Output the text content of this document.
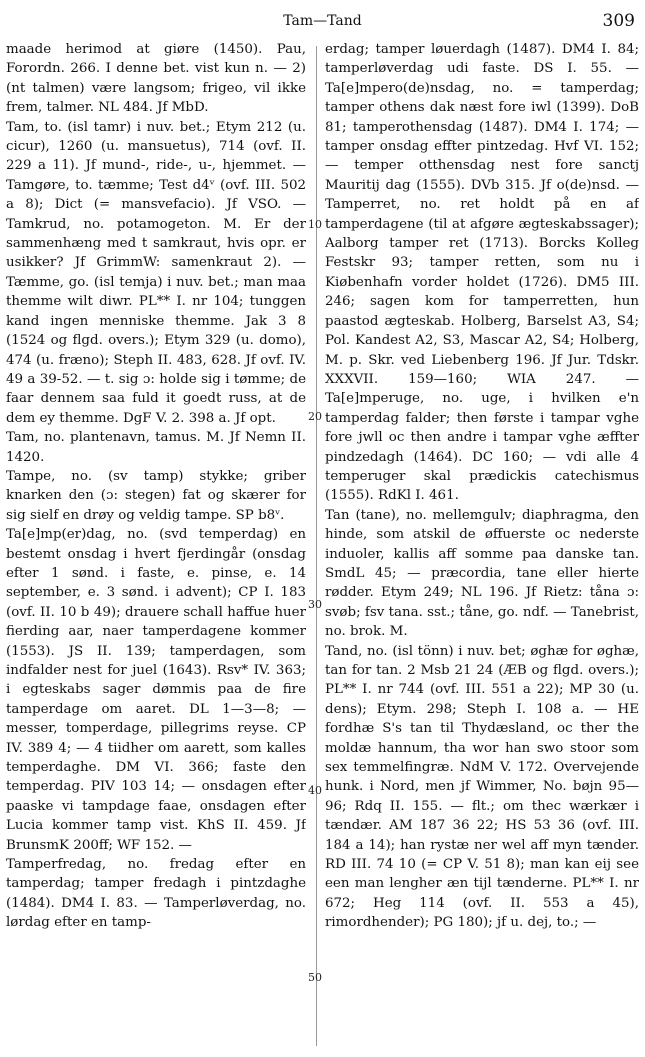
Tam—Tand	309

maade herimod at giøre (1450). Pau, Forordn. 266. I denne bet. vist kun n. — 2) (nt talmen) være langsom; frigeo, vil ikke frem, talmer. NL 484. Jf MbD.

Tam, to. (isl tamr) i nuv. bet.; Etym 212 (u. cicur), 1260 (u. mansuetus), 714 (ovf. II. 229 a 11). Jf mund-, ride-, u-, hjemmet. — Tamgøre, to. tæmme; Test d4ᵛ (ovf. III. 502 a 8); Dict (= mansvefacio). Jf VSO. — Tamkrud, no. potamogeton. M. Er der sammenhæng med t samkraut, hvis opr. er usikker? Jf GrimmW: samenkraut 2). — Tæmme, go. (isl temja) i nuv. bet.; man maa themme wilt diwr. PL** I. nr 104; tunggen kand ingen menniske themme. Jak 3 8 (1524 og flgd. overs.); Etym 329 (u. domo), 474 (u. fræno); Steph II. 483, 628. Jf ovf. IV. 49 a 39-52. — t. sig ɔ: holde sig i tømme; de faar dennem saa fuld it goedt russ, at de dem ey themme. DgF V. 2. 398 a. Jf opt.

Tam, no. plantenavn, tamus. M. Jf Nemn II. 1420.

Tampe, no. (sv tamp) stykke; griber knarken den (ɔ: stegen) fat og skærer for sig sielf en drøy og veldig tampe. SP b8ᵛ.

Ta[e]mp(er)dag, no. (svd temperdag) en bestemt onsdag i hvert fjerdingår (onsdag efter 1 sønd. i faste, e. pinse, e. 14 september, e. 3 sønd. i advent); CP I. 183 (ovf. II. 10 b 49); drauere schall haffue huer fierding aar, naer tamperdagene kommer (1553). JS II. 139; tamperdagen, som indfalder nest for juel (1643). Rsv* IV. 363; i egteskabs sager dømmis paa de fire tamperdage om aaret. DL 1—3—8; — messer, tomperdage, pillegrims reyse. CP IV. 389 4; — 4 tiidher om aarett, som kalles temperdaghe. DM VI. 366; faste den temperdag. PIV 103 14; — onsdagen efter paaske vi tampdage faae, onsdagen efter Lucia kommer tamp vist. KhS II. 459. Jf BrunsmK 200ff; WF 152. —

Tamperfredag, no. fredag efter en tamperdag; tamper fredagh i pintzdaghe (1484). DM4 I. 83. — Tamperløverdag, no. lørdag efter en tamp-

10
20
30
40
50

erdag; tamper løuerdagh (1487). DM4 I. 84; tamperløverdag udi faste. DS I. 55. — Ta[e]mpero(de)nsdag, no. = tamperdag; tamper othens dak næst fore iwl (1399). DoB 81; tamperothensdag (1487). DM4 I. 174; — tamper onsdag effter pintzedag. Hvf VI. 152; — temper otthensdag nest fore sanctj Mauritij dag (1555). DVb 315. Jf o(de)nsd. — Tamperret, no. ret holdt på en af tamperdagene (til at afgøre ægteskabssager); Aalborg tamper ret (1713). Borcks Kolleg Festskr 93; tamper retten, som nu i Kiøbenhafn vorder holdet (1726). DM5 III. 246; sagen kom for tamperretten, hun paastod ægteskab. Holberg, Barselst A3, S4; Pol. Kandest A2, S3, Mascar A2, S4; Holberg, M. p. Skr. ved Liebenberg 196. Jf Jur. Tdskr. XXXVII. 159—160; WIA 247. — Ta[e]mperuge, no. uge, i hvilken e'n tamperdag falder; then første i tampar vghe fore jwll oc then andre i tampar vghe æffter pindzedagh (1464). DC 160; — vdi alle 4 temperuger skal prædickis catechismus (1555). RdKl I. 461.

Tan (tane), no. mellemgulv; diaphragma, den hinde, som atskil de øffuerste oc nederste induoler, kallis aff somme paa danske tan. SmdL 45; — præcordia, tane eller hierte rødder. Etym 249; NL 196. Jf Rietz: tåna ɔ: svøb; fsv tana. sst.; tåne, go. ndf. — Tanebrist, no. brok. M.

Tand, no. (isl tönn) i nuv. bet; øghæ for øghæ, tan for tan. 2 Msb 21 24 (ÆB og flgd. overs.); PL** I. nr 744 (ovf. III. 551 a 22); MP 30 (u. dens); Etym. 298; Steph I. 108 a. — HE fordhæ S's tan til Thydæsland, oc ther the moldæ hannum, tha wor han swo stoor som sex temmelfingræ. NdM V. 172. Overvejende hunk. i Nord, men jf Wimmer, No. bøjn 95—96; Rdq II. 155. — flt.; om thec wærkær i tændær. AM 187 36 22; HS 53 36 (ovf. III. 184 a 14); han rystæ ner wel aff myn tænder. RD III. 74 10 (= CP V. 51 8); man kan eij see een man lengher æn tijl tænderne. PL** I. nr 672; Heg 114 (ovf. II. 553 a 45), rimordhender); PG 180); jf u. dej, to.; —
